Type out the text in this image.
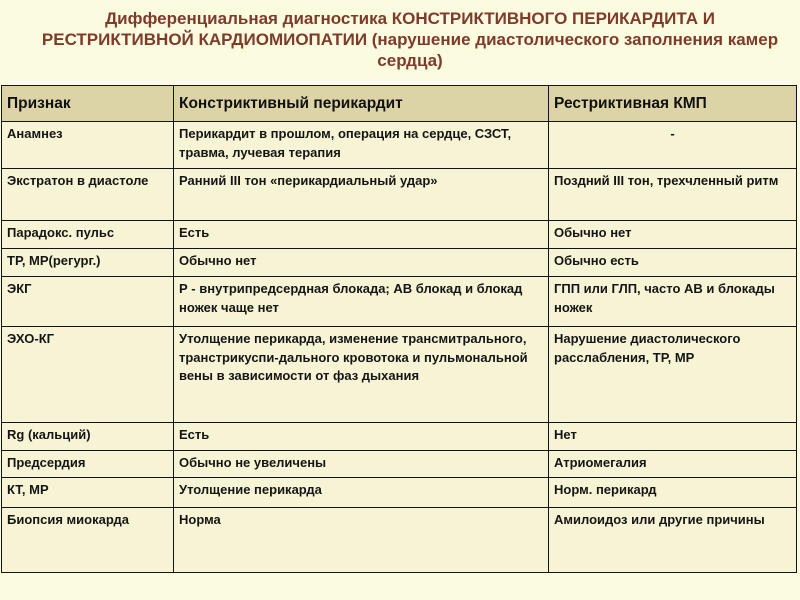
Дифференциальная диагностика КОНСТРИКТИВНОГО ПЕРИКАРДИТА И РЕСТРИКТИВНОЙ КАРДИОМИОПАТИИ (нарушение диастолического заполнения камер сердца)
Признак	Констриктивный перикардит	Рестриктивная КМП
Анамнез	Перикардит в прошлом, операция на сердце, СЗСТ, травма, лучевая терапия	-
Экстратон в диастоле	Ранний III тон «перикардиальный удар»	Поздний III тон, трехчленный ритм
Парадокс. пульс	Есть	Обычно нет
ТР, МР(регург.)	Обычно нет	Обычно есть
ЭКГ	Р - внутрипредсердная блокада; АВ блокад и блокад ножек чаще нет	ГПП или ГЛП, часто АВ и блокады ножек
ЭХО-КГ	Утолщение перикарда, изменение трансмитрального, транстрикуспи-дального кровотока и пульмональной вены в зависимости от фаз дыхания	Нарушение диастолического расслабления, ТР, МР
Rg (кальций)	Есть	Нет
Предсердия	Обычно не увеличены	Атриомегалия
КТ, МР	Утолщение перикарда	Норм. перикард
Биопсия миокарда	Норма	Амилоидоз или другие причины
